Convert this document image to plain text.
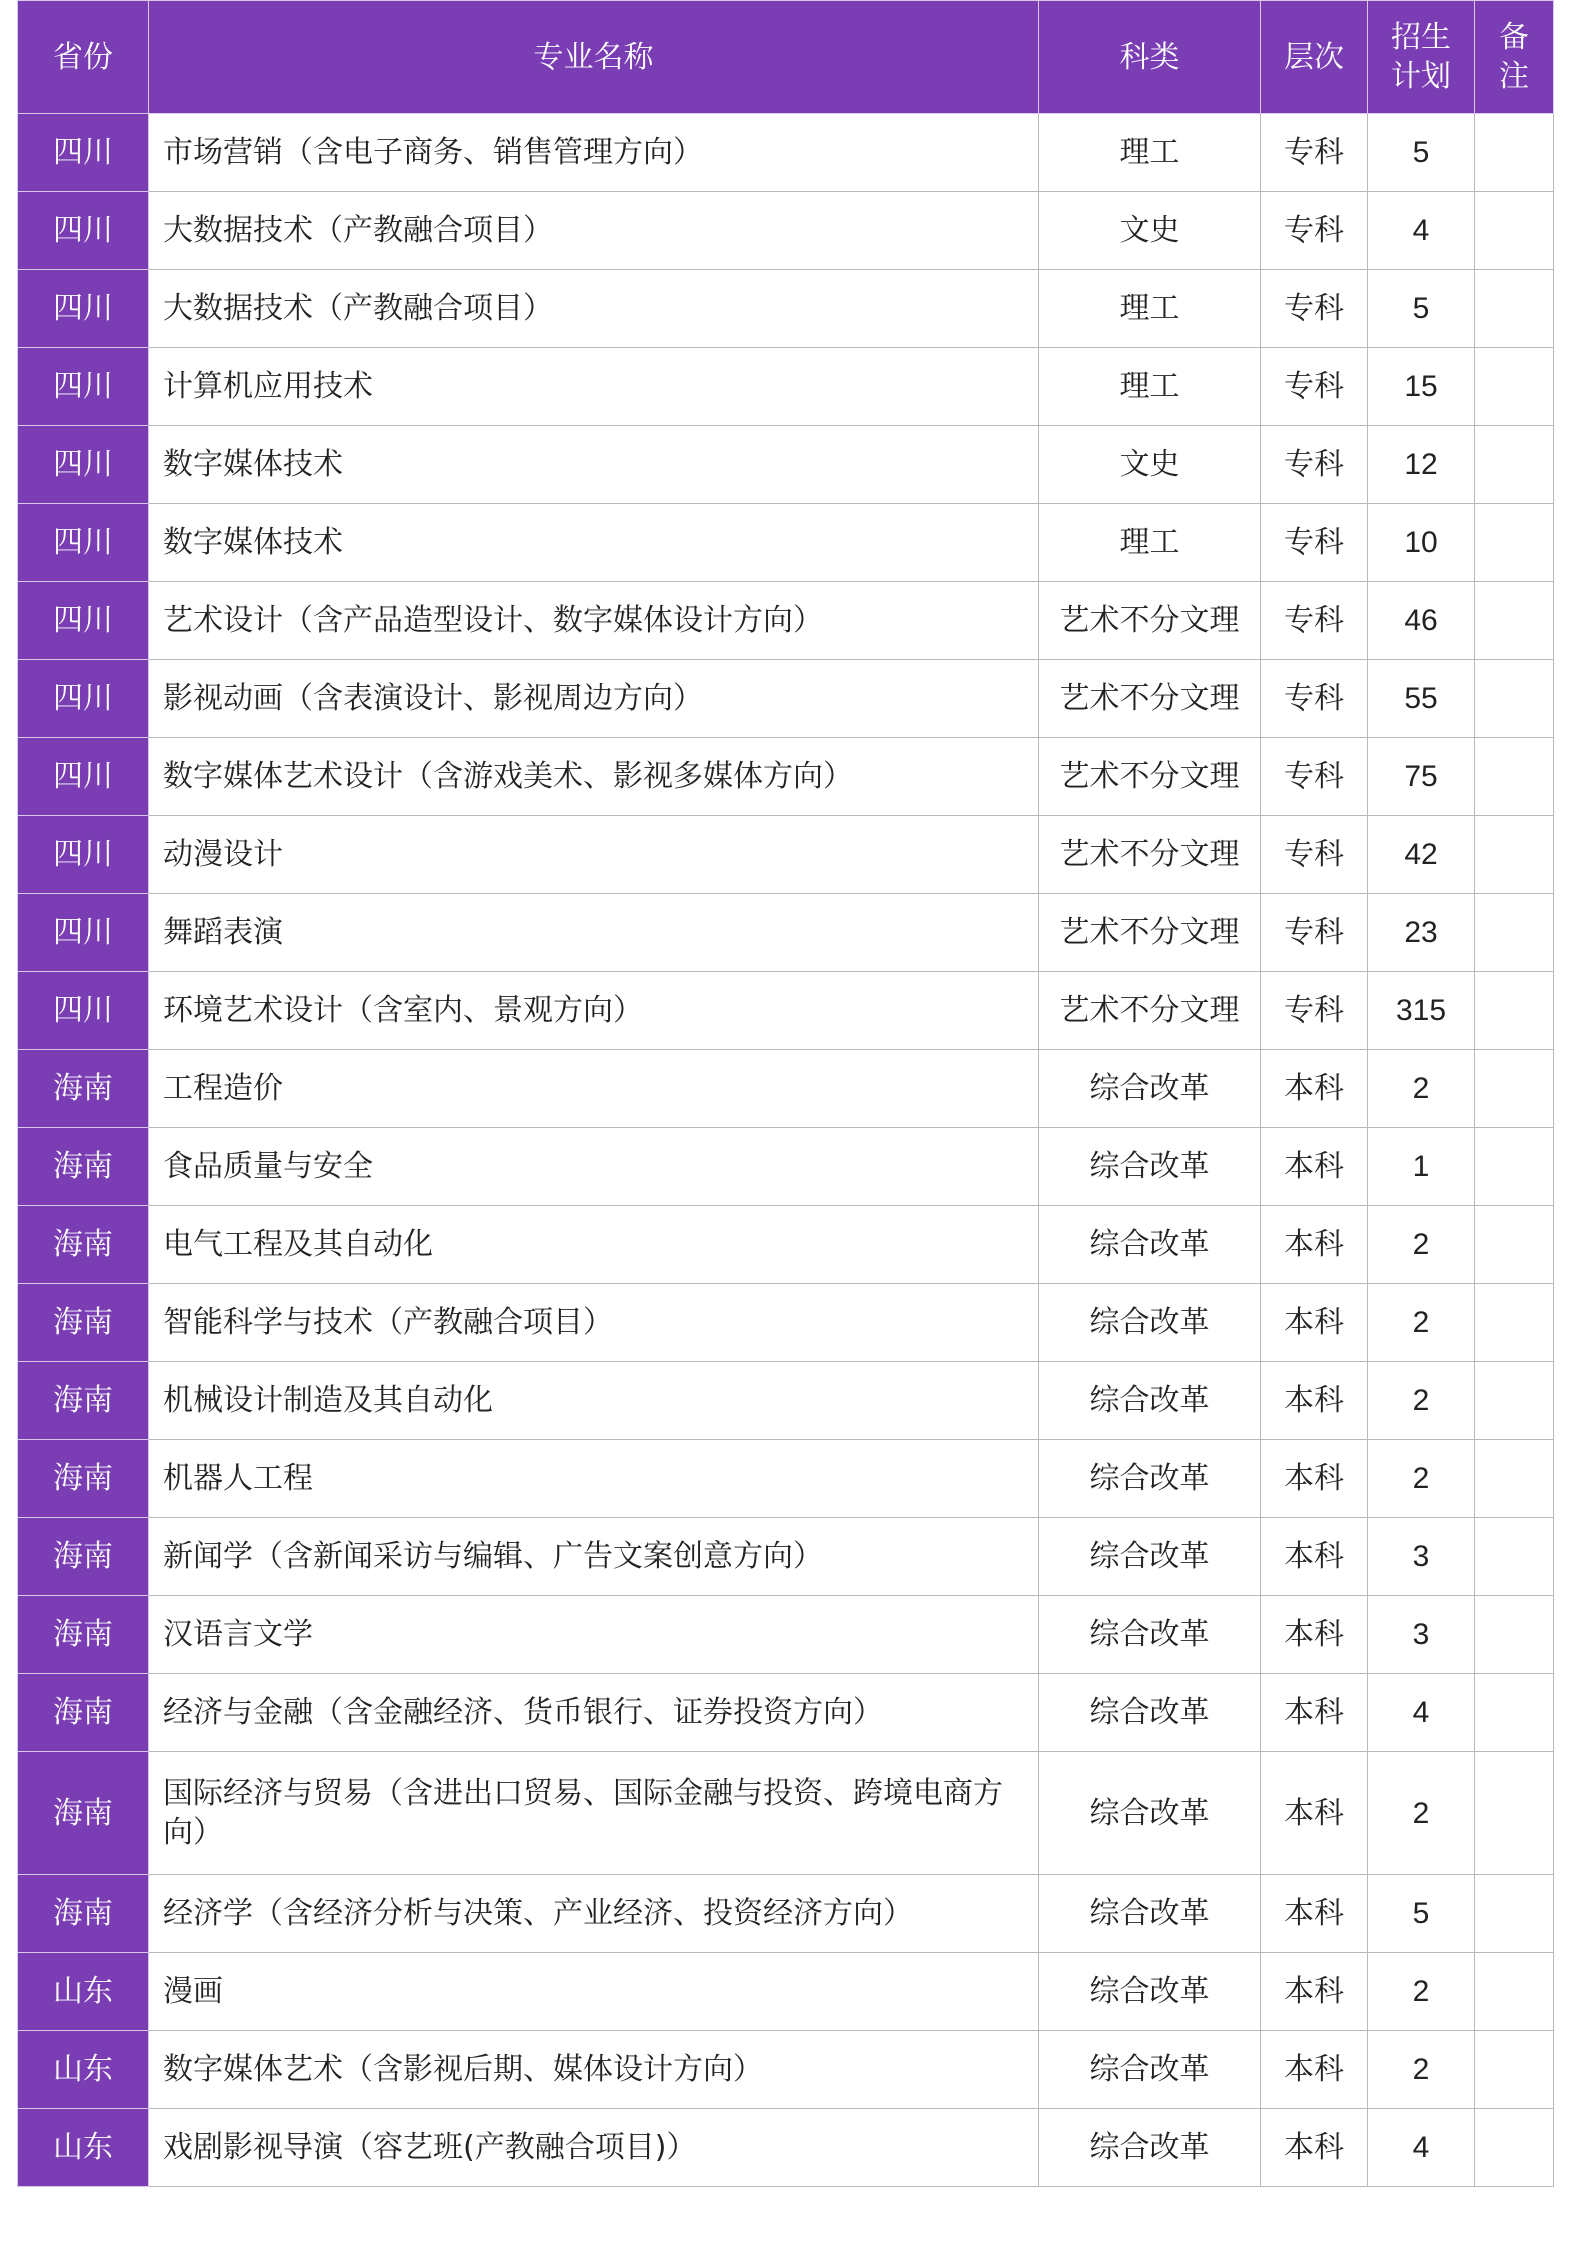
省份	专业名称	科类	层次	招生计划	备注
四川	市场营销（含电子商务、销售管理方向）	理工	专科	5	
四川	大数据技术（产教融合项目）	文史	专科	4	
四川	大数据技术（产教融合项目）	理工	专科	5	
四川	计算机应用技术	理工	专科	15	
四川	数字媒体技术	文史	专科	12	
四川	数字媒体技术	理工	专科	10	
四川	艺术设计（含产品造型设计、数字媒体设计方向）	艺术不分文理	专科	46	
四川	影视动画（含表演设计、影视周边方向）	艺术不分文理	专科	55	
四川	数字媒体艺术设计（含游戏美术、影视多媒体方向）	艺术不分文理	专科	75	
四川	动漫设计	艺术不分文理	专科	42	
四川	舞蹈表演	艺术不分文理	专科	23	
四川	环境艺术设计（含室内、景观方向）	艺术不分文理	专科	315	
海南	工程造价	综合改革	本科	2	
海南	食品质量与安全	综合改革	本科	1	
海南	电气工程及其自动化	综合改革	本科	2	
海南	智能科学与技术（产教融合项目）	综合改革	本科	2	
海南	机械设计制造及其自动化	综合改革	本科	2	
海南	机器人工程	综合改革	本科	2	
海南	新闻学（含新闻采访与编辑、广告文案创意方向）	综合改革	本科	3	
海南	汉语言文学	综合改革	本科	3	
海南	经济与金融（含金融经济、货币银行、证券投资方向）	综合改革	本科	4	
海南	国际经济与贸易（含进出口贸易、国际金融与投资、跨境电商方向）	综合改革	本科	2	
海南	经济学（含经济分析与决策、产业经济、投资经济方向）	综合改革	本科	5	
山东	漫画	综合改革	本科	2	
山东	数字媒体艺术（含影视后期、媒体设计方向）	综合改革	本科	2	
山东	戏剧影视导演（容艺班(产教融合项目)）	综合改革	本科	4	
